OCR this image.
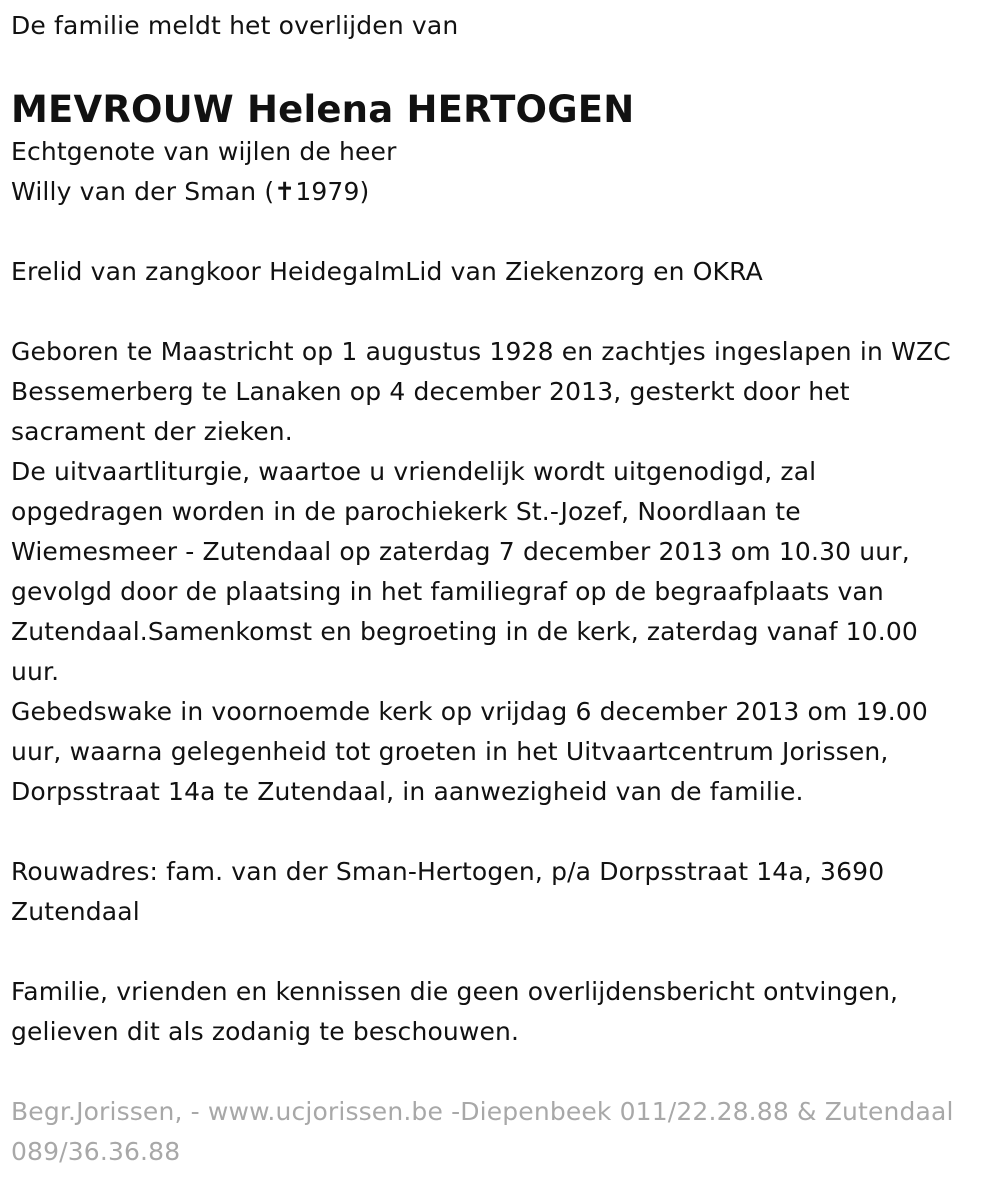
De familie meldt het overlijden van
MEVROUW Helena HERTOGEN
Echtgenote van wijlen de heer
Willy van der Sman (✝1979)
Erelid van zangkoor HeidegalmLid van Ziekenzorg en OKRA
Geboren te Maastricht op 1 augustus 1928 en zachtjes ingeslapen in WZC
Bessemerberg te Lanaken op 4 december 2013, gesterkt door het
sacrament der zieken.
De uitvaartliturgie, waartoe u vriendelijk wordt uitgenodigd, zal
opgedragen worden in de parochiekerk St.-Jozef, Noordlaan te
Wiemesmeer - Zutendaal op zaterdag 7 december 2013 om 10.30 uur,
gevolgd door de plaatsing in het familiegraf op de begraafplaats van
Zutendaal.Samenkomst en begroeting in de kerk, zaterdag vanaf 10.00
uur.
Gebedswake in voornoemde kerk op vrijdag 6 december 2013 om 19.00
uur, waarna gelegenheid tot groeten in het Uitvaartcentrum Jorissen,
Dorpsstraat 14a te Zutendaal, in aanwezigheid van de familie.
Rouwadres: fam. van der Sman-Hertogen, p/a Dorpsstraat 14a, 3690
Zutendaal
Familie, vrienden en kennissen die geen overlijdensbericht ontvingen,
gelieven dit als zodanig te beschouwen.
Begr.Jorissen, - www.ucjorissen.be -Diepenbeek 011/22.28.88 & Zutendaal
089/36.36.88
